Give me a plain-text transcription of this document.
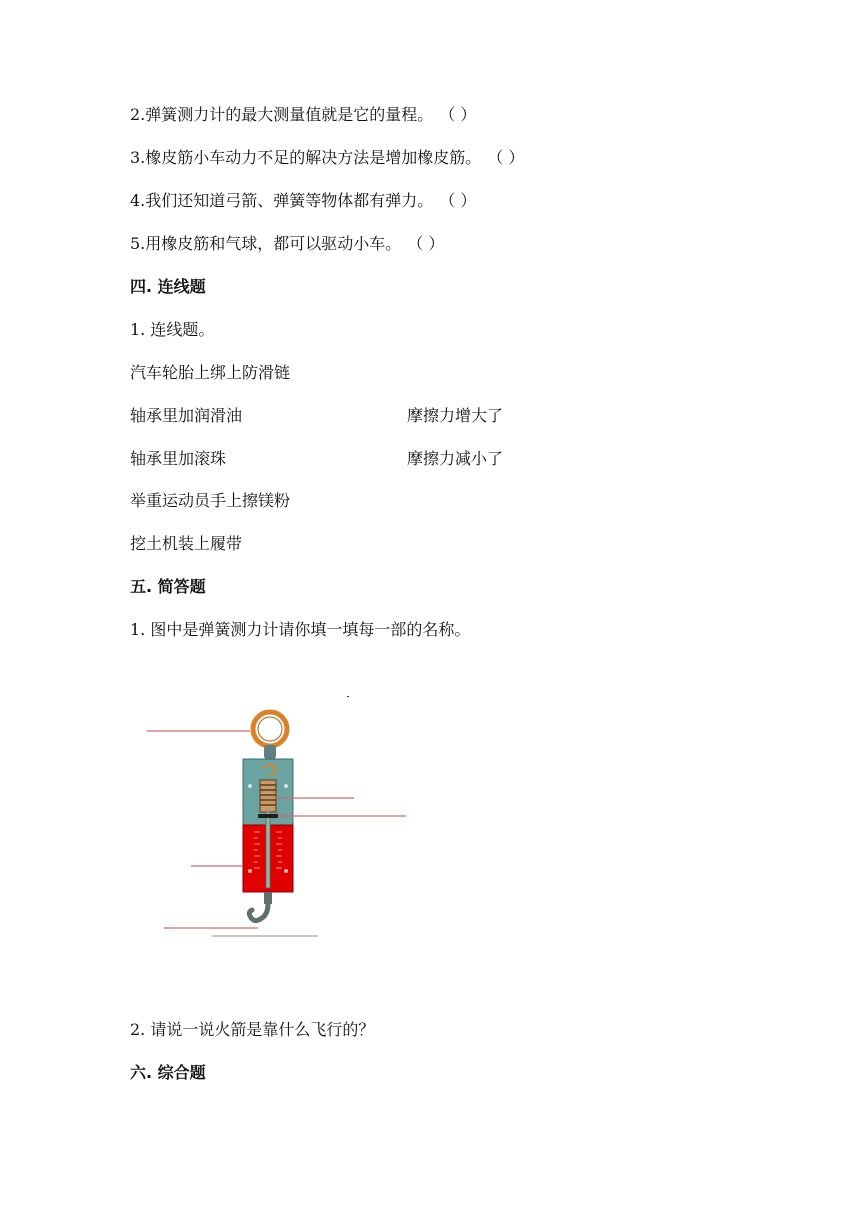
2.弹簧测力计的最大测量值就是它的量程。 （ ）
3.橡皮筋小车动力不足的解决方法是增加橡皮筋。 （ ）
4.我们还知道弓箭、弹簧等物体都有弹力。 （ ）
5.用橡皮筋和气球，都可以驱动小车。 （ ）
四. 连线题
1. 连线题。
汽车轮胎上绑上防滑链
轴承里加润滑油	摩擦力增大了
轴承里加滚珠	摩擦力减小了
举重运动员手上擦镁粉
挖土机装上履带
五. 简答题
1. 图中是弹簧测力计请你填一填每一部的名称。
2. 请说一说火箭是靠什么飞行的？
六. 综合题
